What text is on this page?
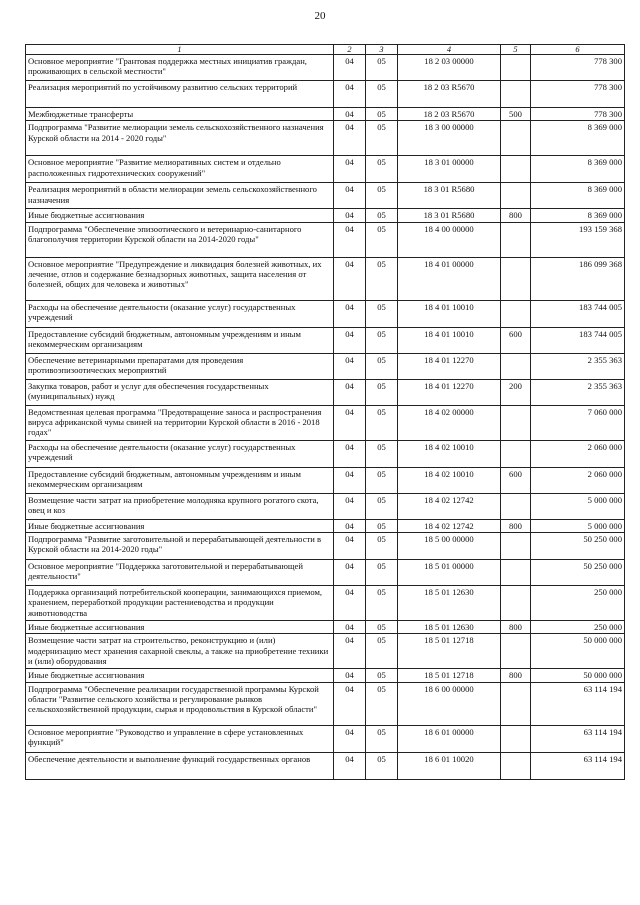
20
1	2	3	4	5	6
Основное мероприятие "Грантовая поддержка местных инициатив граждан, проживающих в сельской местности"	04	05	18 2 03 00000		778 300
Реализация мероприятий по устойчивому развитию сельских территорий	04	05	18 2 03 R5670		778 300
Межбюджетные трансферты	04	05	18 2 03 R5670	500	778 300
Подпрограмма "Развитие мелиорации земель сельскохозяйственного назначения Курской области на 2014 - 2020 годы"	04	05	18 3 00 00000		8 369 000
Основное мероприятие "Развитие мелиоративных систем и отдельно расположенных гидротехнических сооружений"	04	05	18 3 01 00000		8 369 000
Реализация мероприятий в области мелиорации земель сельскохозяйственного назначения	04	05	18 3 01 R5680		8 369 000
Иные бюджетные ассигнования	04	05	18 3 01 R5680	800	8 369 000
Подпрограмма "Обеспечение эпизоотического и ветеринарно-санитарного благополучия территории Курской области на 2014-2020 годы"	04	05	18 4 00 00000		193 159 368
Основное мероприятие "Предупреждение и ликвидация болезней животных, их лечение, отлов и содержание безнадзорных животных, защита населения от болезней, общих для человека и животных"	04	05	18 4 01 00000		186 099 368
Расходы на обеспечение деятельности (оказание услуг) государственных учреждений	04	05	18 4 01 10010		183 744 005
Предоставление субсидий бюджетным, автономным учреждениям и иным некоммерческим организациям	04	05	18 4 01 10010	600	183 744 005
Обеспечение ветеринарными препаратами для проведения противоэпизоотических мероприятий	04	05	18 4 01 12270		2 355 363
Закупка товаров, работ и услуг для обеспечения государственных (муниципальных) нужд	04	05	18 4 01 12270	200	2 355 363
Ведомственная целевая программа "Предотвращение заноса и распространения вируса африканской чумы свиней на территории Курской области в 2016 - 2018 годах"	04	05	18 4 02 00000		7 060 000
Расходы на обеспечение деятельности (оказание услуг) государственных учреждений	04	05	18 4 02 10010		2 060 000
Предоставление субсидий бюджетным, автономным учреждениям и иным некоммерческим организациям	04	05	18 4 02 10010	600	2 060 000
Возмещение части затрат на приобретение молодняка крупного рогатого скота, овец и коз	04	05	18 4 02 12742		5 000 000
Иные бюджетные ассигнования	04	05	18 4 02 12742	800	5 000 000
Подпрограмма "Развитие заготовительной и перерабатывающей деятельности в Курской области на 2014-2020 годы"	04	05	18 5 00 00000		50 250 000
Основное мероприятие "Поддержка заготовительной и перерабатывающей деятельности"	04	05	18 5 01 00000		50 250 000
Поддержка организаций потребительской кооперации, занимающихся приемом, хранением, переработкой продукции растениеводства и продукции животноводства	04	05	18 5 01 12630		250 000
Иные бюджетные ассигнования	04	05	18 5 01 12630	800	250 000
Возмещение части затрат на строительство, реконструкцию и (или) модернизацию мест хранения сахарной свеклы, а также на приобретение техники и (или) оборудования	04	05	18 5 01 12718		50 000 000
Иные бюджетные ассигнования	04	05	18 5 01 12718	800	50 000 000
Подпрограмма "Обеспечение реализации государственной программы Курской области "Развитие сельского хозяйства и регулирование рынков сельскохозяйственной продукции, сырья и продовольствия в Курской области"	04	05	18 6 00 00000		63 114 194
Основное мероприятие "Руководство и управление в сфере установленных функций"	04	05	18 6 01 00000		63 114 194
Обеспечение деятельности и выполнение функций государственных органов	04	05	18 6 01 10020		63 114 194
